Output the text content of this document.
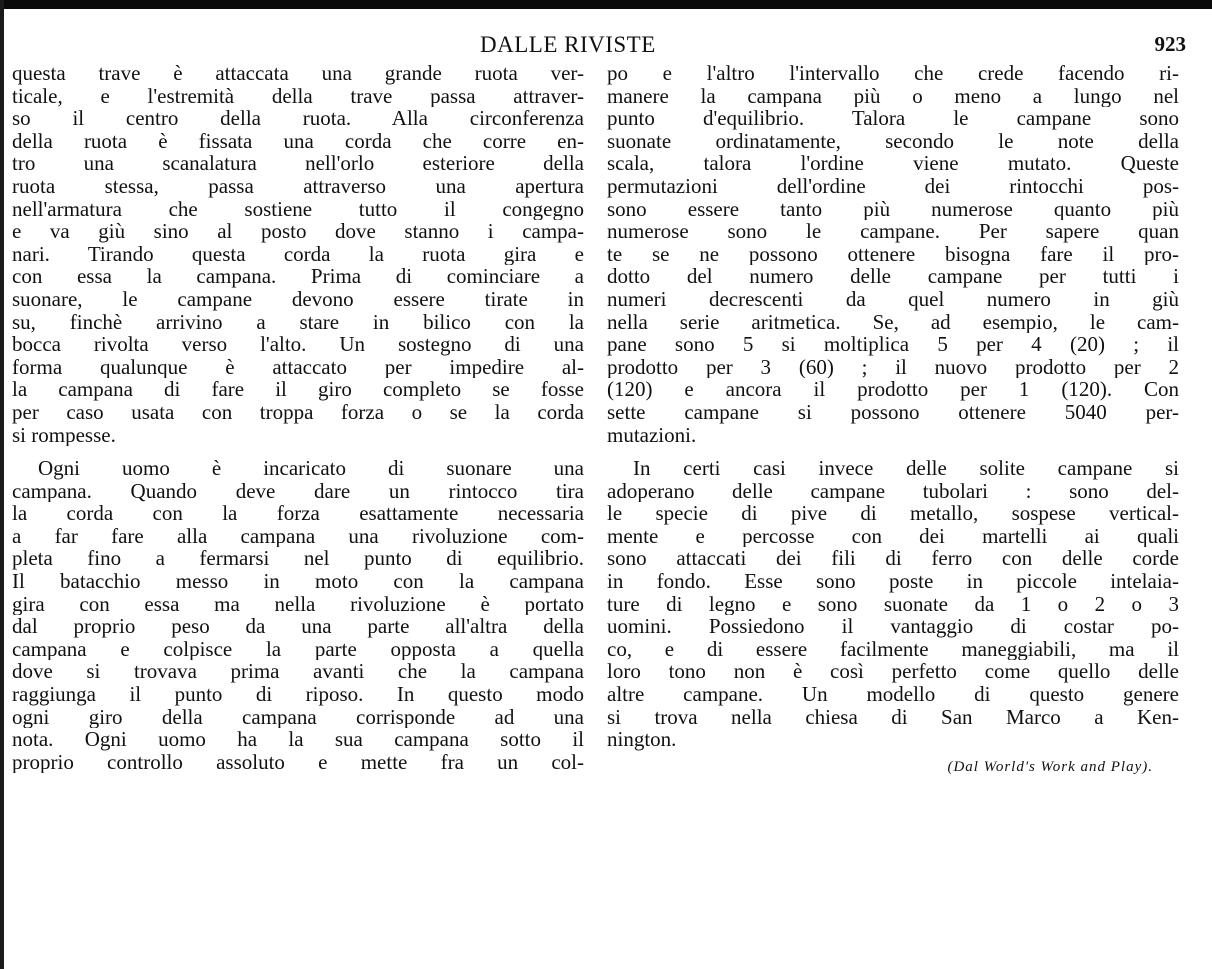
DALLE RIVISTE	923
questa trave è attaccata una grande ruota ver-
ticale, e l'estremità della trave passa attraver-
so il centro della ruota. Alla circonferenza
della ruota è fissata una corda che corre en-
tro una scanalatura nell'orlo esteriore della
ruota stessa, passa attraverso una apertura
nell'armatura che sostiene tutto il congegno
e va giù sino al posto dove stanno i campa-
nari. Tirando questa corda la ruota gira e
con essa la campana. Prima di cominciare a
suonare, le campane devono essere tirate in
su, finchè arrivino a stare in bilico con la
bocca rivolta verso l'alto. Un sostegno di una
forma qualunque è attaccato per impedire al-
la campana di fare il giro completo se fosse
per caso usata con troppa forza o se la corda
si rompesse.
Ogni uomo è incaricato di suonare una
campana. Quando deve dare un rintocco tira
la corda con la forza esattamente necessaria
a far fare alla campana una rivoluzione com-
pleta fino a fermarsi nel punto di equilibrio.
Il batacchio messo in moto con la campana
gira con essa ma nella rivoluzione è portato
dal proprio peso da una parte all'altra della
campana e colpisce la parte opposta a quella
dove si trovava prima avanti che la campana
raggiunga il punto di riposo. In questo modo
ogni giro della campana corrisponde ad una
nota. Ogni uomo ha la sua campana sotto il
proprio controllo assoluto e mette fra un col-
po e l'altro l'intervallo che crede facendo ri-
manere la campana più o meno a lungo nel
punto d'equilibrio. Talora le campane sono
suonate ordinatamente, secondo le note della
scala, talora l'ordine viene mutato. Queste
permutazioni dell'ordine dei rintocchi pos-
sono essere tanto più numerose quanto più
numerose sono le campane. Per sapere quan
te se ne possono ottenere bisogna fare il pro-
dotto del numero delle campane per tutti i
numeri decrescenti da quel numero in giù
nella serie aritmetica. Se, ad esempio, le cam-
pane sono 5 si moltiplica 5 per 4 (20) ; il
prodotto per 3 (60) ; il nuovo prodotto per 2
(120) e ancora il prodotto per 1 (120). Con
sette campane si possono ottenere 5040 per-
mutazioni.
In certi casi invece delle solite campane si
adoperano delle campane tubolari : sono del-
le specie di pive di metallo, sospese vertical-
mente e percosse con dei martelli ai quali
sono attaccati dei fili di ferro con delle corde
in fondo. Esse sono poste in piccole intelaia-
ture di legno e sono suonate da 1 o 2 o 3
uomini. Possiedono il vantaggio di costar po-
co, e di essere facilmente maneggiabili, ma il
loro tono non è così perfetto come quello delle
altre campane. Un modello di questo genere
si trova nella chiesa di San Marco a Ken-
nington.
(Dal World's Work and Play).
